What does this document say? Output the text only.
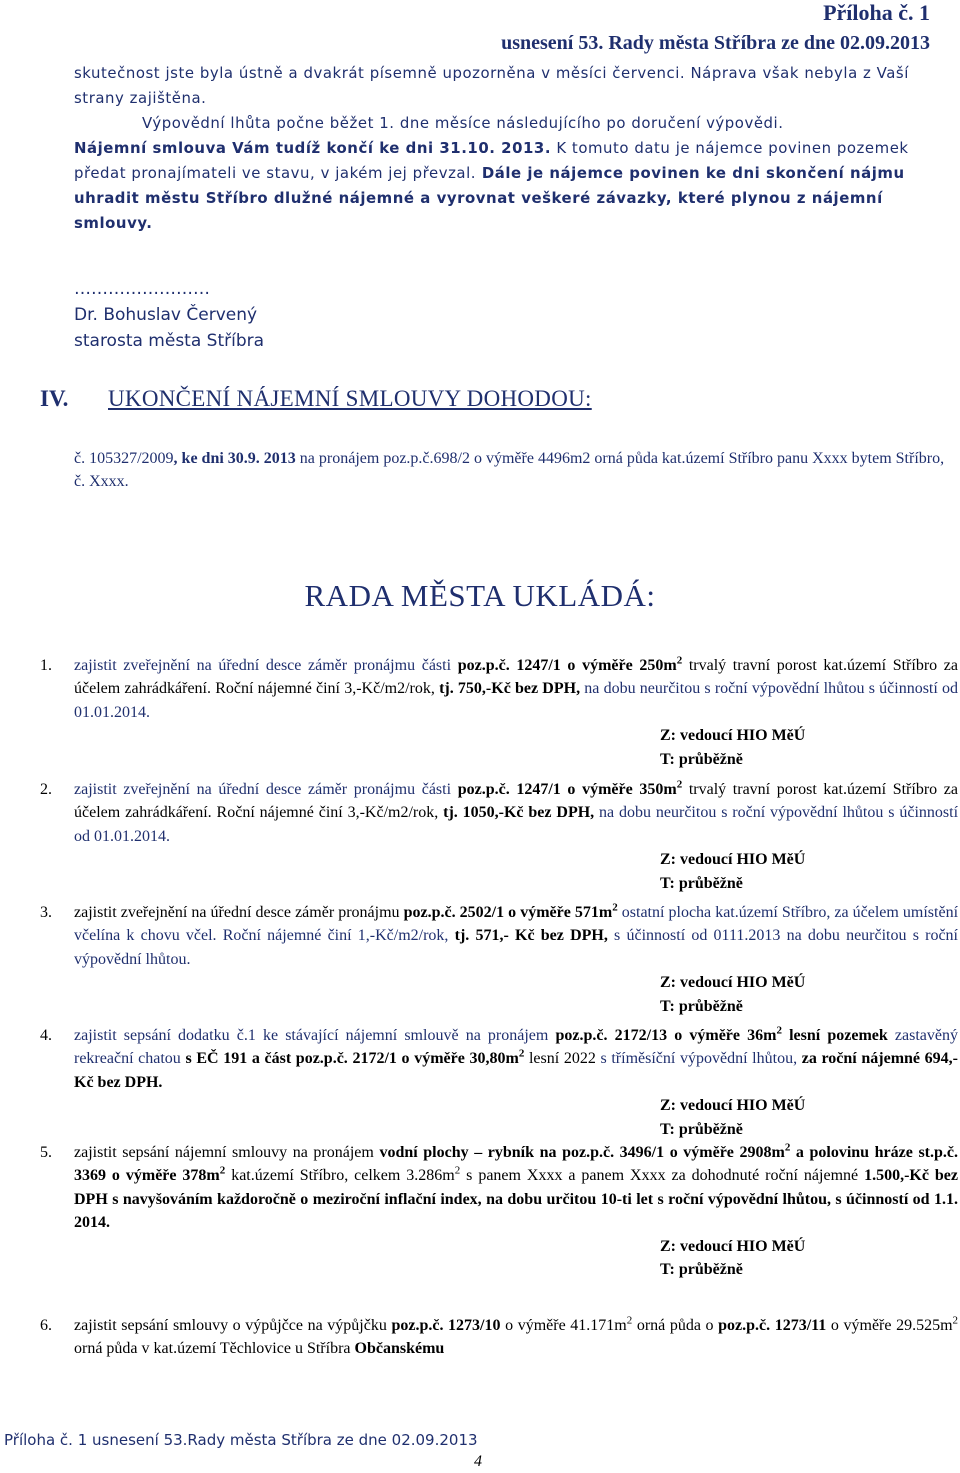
Příloha č. 1
usnesení 53. Rady města Stříbra ze dne 02.09.2013

skutečnost jste byla ústně a dvakrát písemně upozorněna v měsíci červenci. Náprava však nebyla z Vaší strany zajištěna.

Výpovědní lhůta počne běžet 1. dne měsíce následujícího po doručení výpovědi.

Nájemní smlouva Vám tudíž končí ke dni 31.10. 2013. K tomuto datu je nájemce povinen pozemek předat pronajímateli ve stavu, v jakém jej převzal. Dále je nájemce povinen ke dni skončení nájmu uhradit městu Stříbro dlužné nájemné a vyrovnat veškeré závazky, které plynou z nájemní smlouvy.

……………………
Dr. Bohuslav Červený
starosta města Stříbra
IV. UKONČENÍ NÁJEMNÍ SMLOUVY DOHODOU:

č. 105327/2009, ke dni 30.9. 2013 na pronájem poz.p.č.698/2 o výměře 4496m2 orná půda kat.území Stříbro panu Xxxx bytem Stříbro, č. Xxxx.

RADA MĚSTA UKLÁDÁ:
1. zajistit zveřejnění na úřední desce záměr pronájmu části poz.p.č. 1247/1 o výměře $250m^2$ trvalý travní porost kat.území Stříbro za účelem zahrádkáření. Roční nájemné činí 3,-Kč/m2/rok, tj. 750,-Kč bez DPH, na dobu neurčitou s roční výpovědní lhůtou s účinností od 01.01.2014.

Z: vedoucí HIO MěÚ
T: průběžně
2. zajistit zveřejnění na úřední desce záměr pronájmu části poz.p.č. 1247/1 o výměře $350m^2$ trvalý travní porost kat.území Stříbro za účelem zahrádkáření. Roční nájemné činí 3,-Kč/m2/rok, tj. 1050,-Kč bez DPH, na dobu neurčitou s roční výpovědní lhůtou s účinností od 01.01.2014.

Z: vedoucí HIO MěÚ
T: průběžně
3. zajistit zveřejnění na úřední desce záměr pronájmu poz.p.č. 2502/1 o výměře $571m^2$ ostatní plocha kat.území Stříbro, za účelem umístění včelína k chovu včel. Roční nájemné činí 1,-Kč/m2/rok, tj. 571,- Kč bez DPH, s účinností od 0111.2013 na dobu neurčitou s roční výpovědní lhůtou.

Z: vedoucí HIO MěÚ
T: průběžně
4. zajistit sepsání dodatku č.1 ke stávající nájemní smlouvě na pronájem poz.p.č. 2172/13 o výměře $36m^2$ lesní pozemek zastavěný rekreační chatou s EČ 191 a část poz.p.č. 2172/1 o výměře $30,80m^2$ lesní 2022 s tříměsíční výpovědní lhůtou, za roční nájemné 694,-Kč bez DPH.

Z: vedoucí HIO MěÚ
T: průběžně
5. zajistit sepsání nájemní smlouvy na pronájem vodní plochy – rybník na poz.p.č. 3496/1 o výměře $2908m^2$ a polovinu hráze st.p.č. 3369 o výměře $378m^2$ kat.území Stříbro, celkem $3.286m^2$ s panem Xxxx a panem Xxxx za dohodnuté roční nájemné 1.500,-Kč bez DPH s navyšováním každoročně o meziroční inflační index, na dobu určitou 10-ti let s roční výpovědní lhůtou, s účinností od 1.1. 2014.

Z: vedoucí HIO MěÚ
T: průběžně
6. zajistit sepsání smlouvy o výpůjčce na výpůjčku poz.p.č. 1273/10 o výměře $41.171m^2$ orná půda o poz.p.č. 1273/11 o výměře $29.525m^2$ orná půda v kat.území Těchlovice u Stříbra Občanskému

Příloha č. 1 usnesení 53.Rady města Stříbra ze dne 02.09.2013
4
